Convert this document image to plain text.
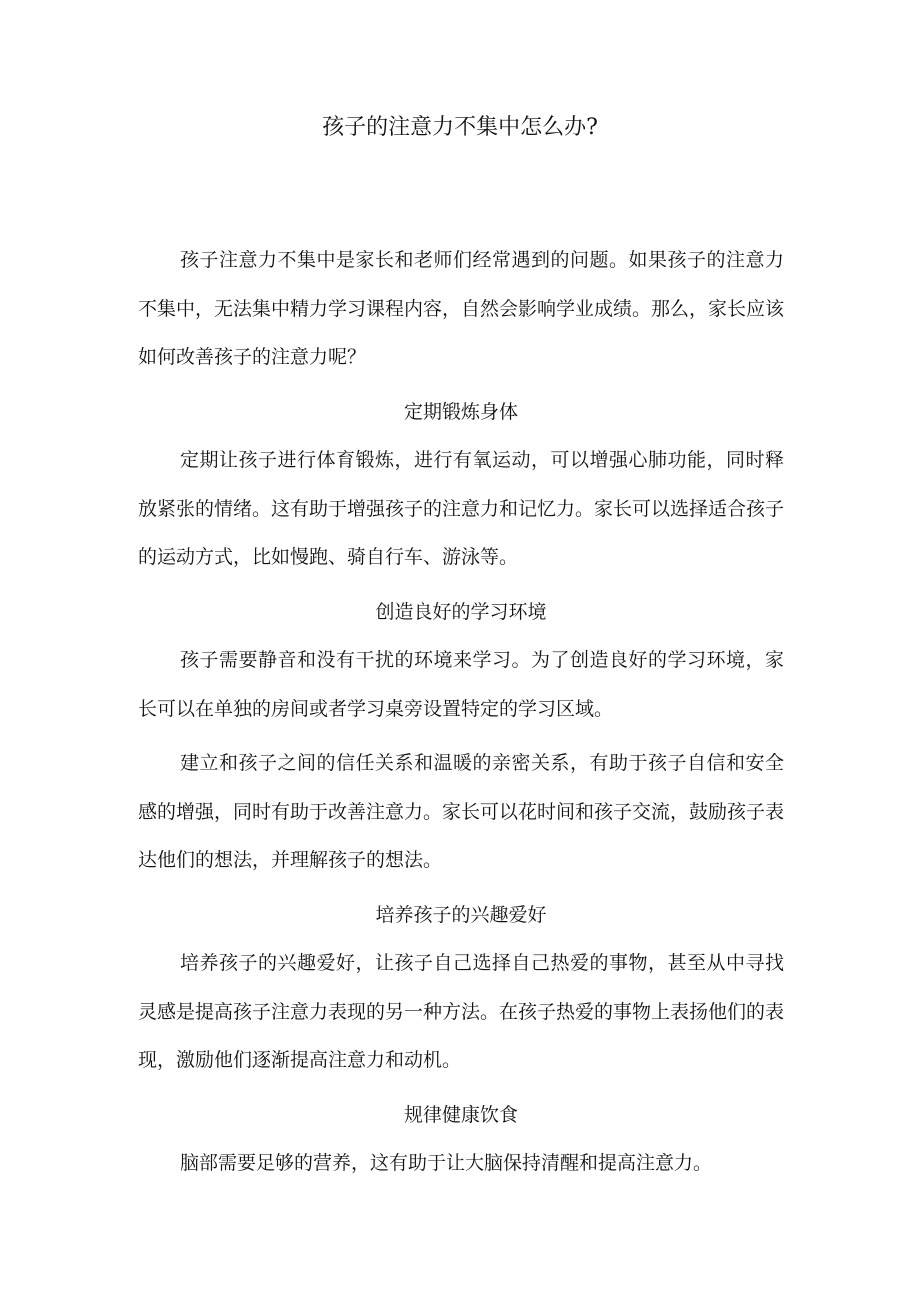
孩子的注意力不集中怎么办?

孩子注意力不集中是家长和老师们经常遇到的问题。如果孩子的注意力不集中，无法集中精力学习课程内容，自然会影响学业成绩。那么，家长应该如何改善孩子的注意力呢？

定期锻炼身体

定期让孩子进行体育锻炼，进行有氧运动，可以增强心肺功能，同时释放紧张的情绪。这有助于增强孩子的注意力和记忆力。家长可以选择适合孩子的运动方式，比如慢跑、骑自行车、游泳等。

创造良好的学习环境

孩子需要静音和没有干扰的环境来学习。为了创造良好的学习环境，家长可以在单独的房间或者学习桌旁设置特定的学习区域。

建立和孩子之间的信任关系和温暖的亲密关系，有助于孩子自信和安全感的增强，同时有助于改善注意力。家长可以花时间和孩子交流，鼓励孩子表达他们的想法，并理解孩子的想法。

培养孩子的兴趣爱好

培养孩子的兴趣爱好，让孩子自己选择自己热爱的事物，甚至从中寻找灵感是提高孩子注意力表现的另一种方法。在孩子热爱的事物上表扬他们的表现，激励他们逐渐提高注意力和动机。

规律健康饮食

脑部需要足够的营养，这有助于让大脑保持清醒和提高注意力。
